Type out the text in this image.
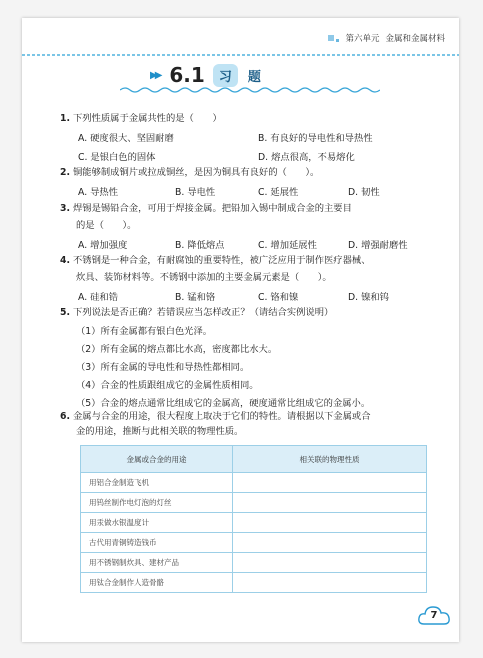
第六单元 金属和金属材料
▶▶ 6.1	习	题
1. 下列性质属于金属共性的是（　　）
A. 硬度很大、坚固耐磨	B. 有良好的导电性和导热性
C. 是银白色的固体	D. 熔点很高，不易熔化
2. 铜能够制成铜片或拉成铜丝，是因为铜具有良好的（　　）。
A. 导热性	B. 导电性	C. 延展性	D. 韧性
3. 焊锡是锡铅合金，可用于焊接金属。把铅加入锡中制成合金的主要目
的是（　　）。
A. 增加强度	B. 降低熔点	C. 增加延展性	D. 增强耐磨性
4. 不锈钢是一种合金，有耐腐蚀的重要特性，被广泛应用于制作医疗器械、
炊具、装饰材料等。不锈钢中添加的主要金属元素是（　　）。
A. 硅和锆	B. 锰和铬	C. 铬和镍	D. 镍和钨
5. 下列说法是否正确？若错误应当怎样改正？（请结合实例说明）
（1）所有金属都有银白色光泽。
（2）所有金属的熔点都比水高，密度都比水大。
（3）所有金属的导电性和导热性都相同。
（4）合金的性质跟组成它的金属性质相同。
（5）合金的熔点通常比组成它的金属高，硬度通常比组成它的金属小。
6. 金属与合金的用途，很大程度上取决于它们的特性。请根据以下金属或合
金属或合金的用途	相关联的物理性质
用铝合金制造飞机	
用钨丝制作电灯泡的灯丝	
用汞做水银温度计	
古代用青铜铸造钱币	
用不锈钢制炊具、建材产品	
用钛合金制作人造骨骼	
金的用途，推断与此相关联的物理性质。
7
